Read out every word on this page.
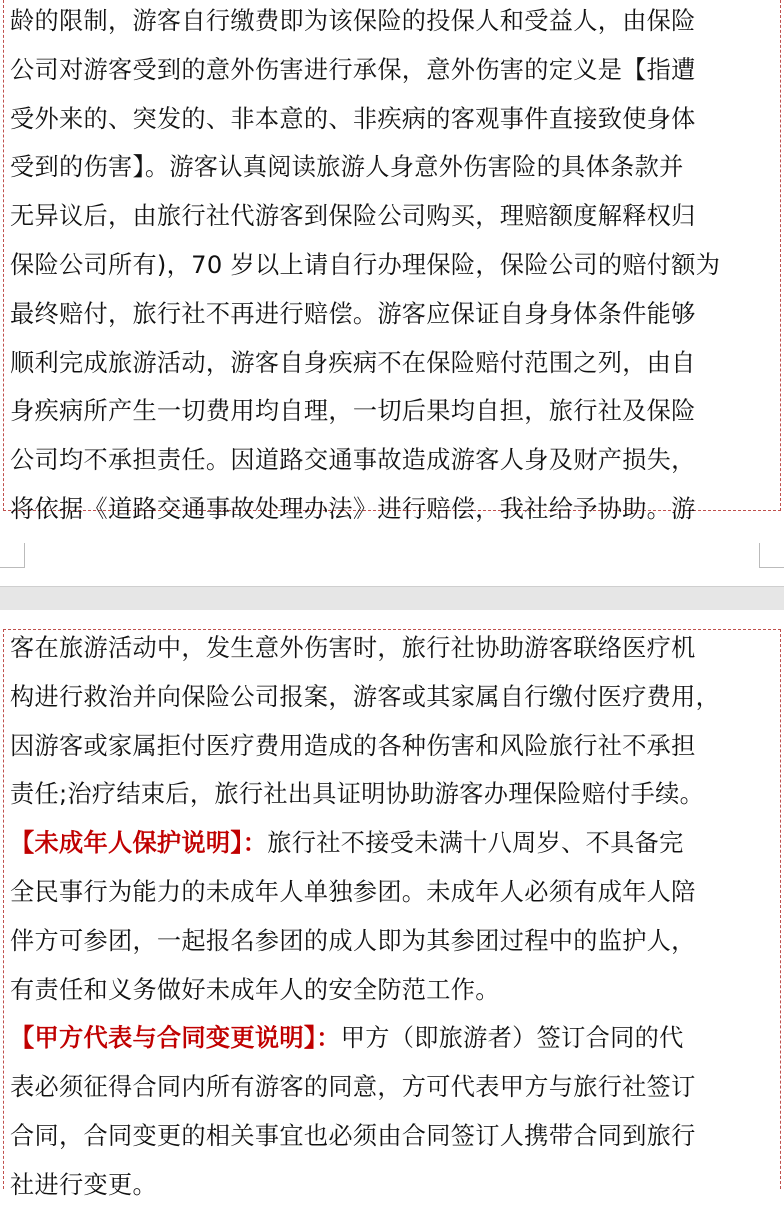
龄的限制，游客自行缴费即为该保险的投保人和受益人，由保险
公司对游客受到的意外伤害进行承保，意外伤害的定义是【指遭
受外来的、突发的、非本意的、非疾病的客观事件直接致使身体
受到的伤害】。游客认真阅读旅游人身意外伤害险的具体条款并
无异议后，由旅行社代游客到保险公司购买，理赔额度解释权归
保险公司所有)，70 岁以上请自行办理保险，保险公司的赔付额为
最终赔付，旅行社不再进行赔偿。游客应保证自身身体条件能够
顺利完成旅游活动，游客自身疾病不在保险赔付范围之列，由自
身疾病所产生一切费用均自理，一切后果均自担，旅行社及保险
公司均不承担责任。因道路交通事故造成游客人身及财产损失，
将依据《道路交通事故处理办法》进行赔偿，我社给予协助。游
客在旅游活动中，发生意外伤害时，旅行社协助游客联络医疗机
构进行救治并向保险公司报案，游客或其家属自行缴付医疗费用，
因游客或家属拒付医疗费用造成的各种伤害和风险旅行社不承担
责任;治疗结束后，旅行社出具证明协助游客办理保险赔付手续。
【未成年人保护说明】：旅行社不接受未满十八周岁、不具备完
全民事行为能力的未成年人单独参团。未成年人必须有成年人陪
伴方可参团，一起报名参团的成人即为其参团过程中的监护人，
有责任和义务做好未成年人的安全防范工作。
【甲方代表与合同变更说明】：甲方（即旅游者）签订合同的代
表必须征得合同内所有游客的同意，方可代表甲方与旅行社签订
合同，合同变更的相关事宜也必须由合同签订人携带合同到旅行
社进行变更。
